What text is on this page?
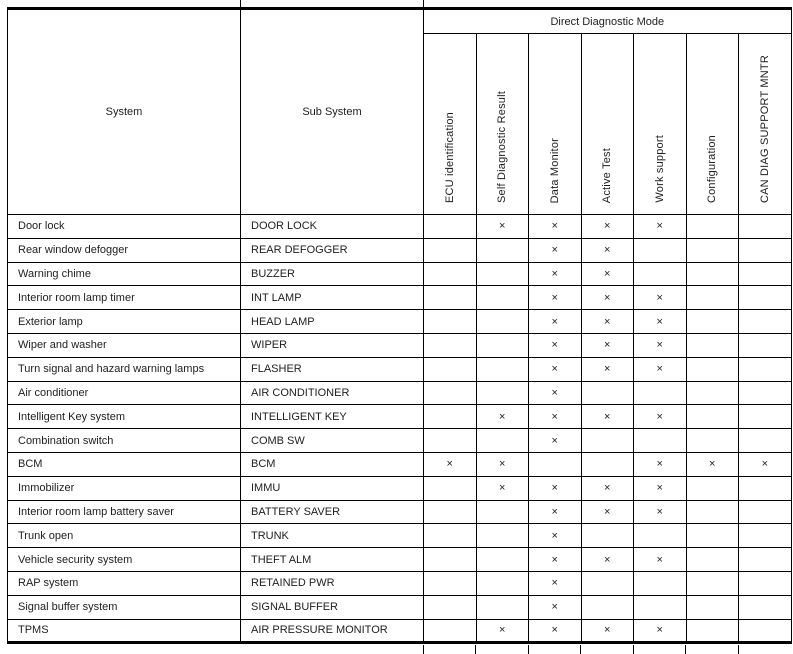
System	Sub System	Direct Diagnostic Mode						
		ECU identification	Self Diagnostic Result	Data Monitor	Active Test	Work support	Configuration	CAN DIAG SUPPORT MNTR
Door lock	DOOR LOCK		×	×	×	×		
Rear window defogger	REAR DEFOGGER			×	×			
Warning chime	BUZZER			×	×			
Interior room lamp timer	INT LAMP			×	×	×		
Exterior lamp	HEAD LAMP			×	×	×		
Wiper and washer	WIPER			×	×	×		
Turn signal and hazard warning lamps	FLASHER			×	×	×		
Air conditioner	AIR CONDITIONER			×				
Intelligent Key system	INTELLIGENT KEY		×	×	×	×		
Combination switch	COMB SW			×				
BCM	BCM	×	×			×	×	×
Immobilizer	IMMU		×	×	×	×		
Interior room lamp battery saver	BATTERY SAVER			×	×	×		
Trunk open	TRUNK			×				
Vehicle security system	THEFT ALM			×	×	×		
RAP system	RETAINED PWR			×				
Signal buffer system	SIGNAL BUFFER			×				
TPMS	AIR PRESSURE MONITOR		×	×	×	×		
